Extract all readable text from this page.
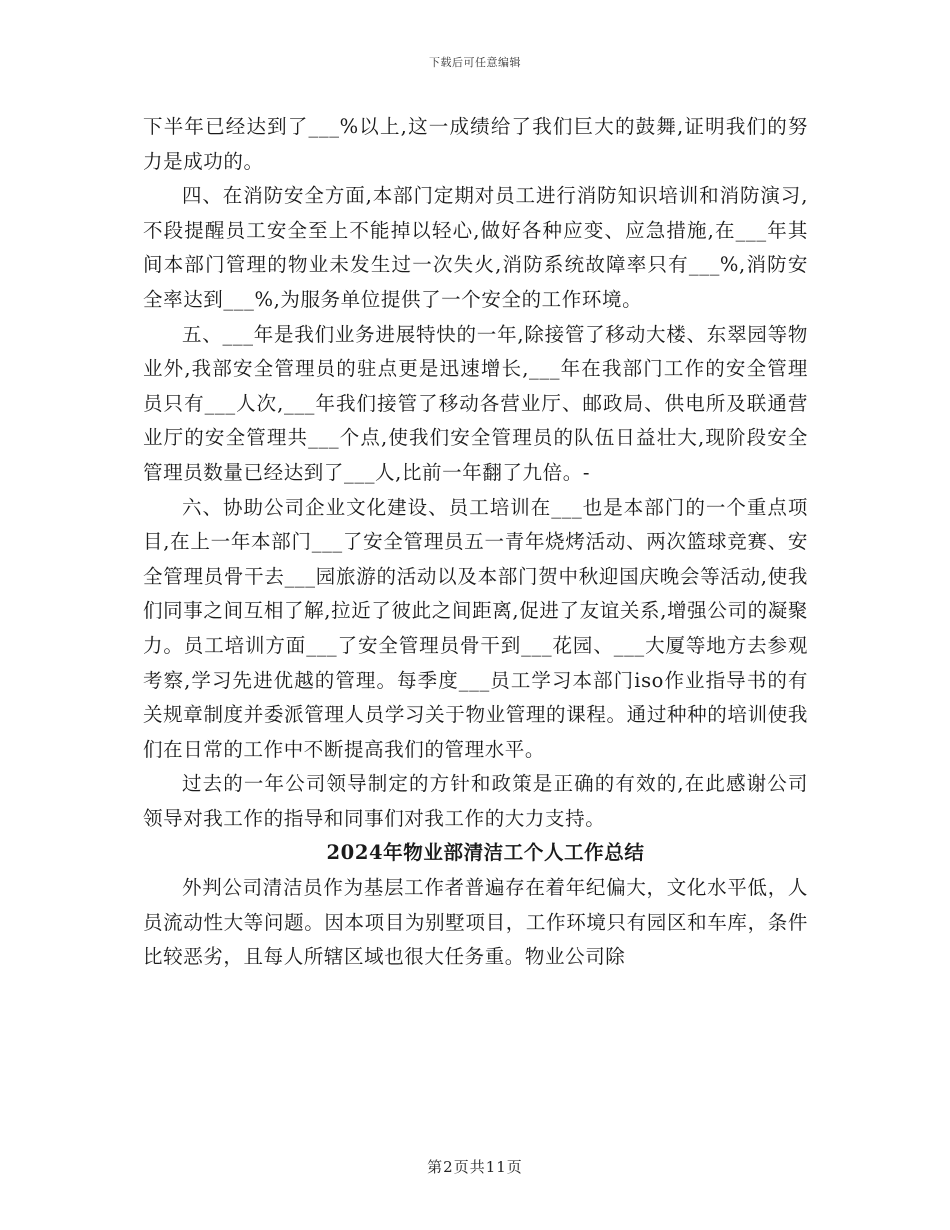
下载后可任意编辑

下半年已经达到了___%以上,这一成绩给了我们巨大的鼓舞,证明我们的努力是成功的。

四、在消防安全方面,本部门定期对员工进行消防知识培训和消防演习,不段提醒员工安全至上不能掉以轻心,做好各种应变、应急措施,在___年其间本部门管理的物业未发生过一次失火,消防系统故障率只有___%,消防安全率达到___%,为服务单位提供了一个安全的工作环境。

五、___年是我们业务进展特快的一年,除接管了移动大楼、东翠园等物业外,我部安全管理员的驻点更是迅速增长,___年在我部门工作的安全管理员只有___人次,___年我们接管了移动各营业厅、邮政局、供电所及联通营业厅的安全管理共___个点,使我们安全管理员的队伍日益壮大,现阶段安全管理员数量已经达到了___人,比前一年翻了九倍。-

六、协助公司企业文化建设、员工培训在___也是本部门的一个重点项目,在上一年本部门___了安全管理员五一青年烧烤活动、两次篮球竞赛、安全管理员骨干去___园旅游的活动以及本部门贺中秋迎国庆晚会等活动,使我们同事之间互相了解,拉近了彼此之间距离,促进了友谊关系,增强公司的凝聚力。员工培训方面___了安全管理员骨干到___花园、___大厦等地方去参观考察,学习先进优越的管理。每季度___员工学习本部门iso作业指导书的有关规章制度并委派管理人员学习关于物业管理的课程。通过种种的培训使我们在日常的工作中不断提高我们的管理水平。

过去的一年公司领导制定的方针和政策是正确的有效的,在此感谢公司领导对我工作的指导和同事们对我工作的大力支持。

2024年物业部清洁工个人工作总结

外判公司清洁员作为基层工作者普遍存在着年纪偏大，文化水平低，人员流动性大等问题。因本项目为别墅项目，工作环境只有园区和车库，条件比较恶劣，且每人所辖区域也很大任务重。物业公司除

第2页共11页
